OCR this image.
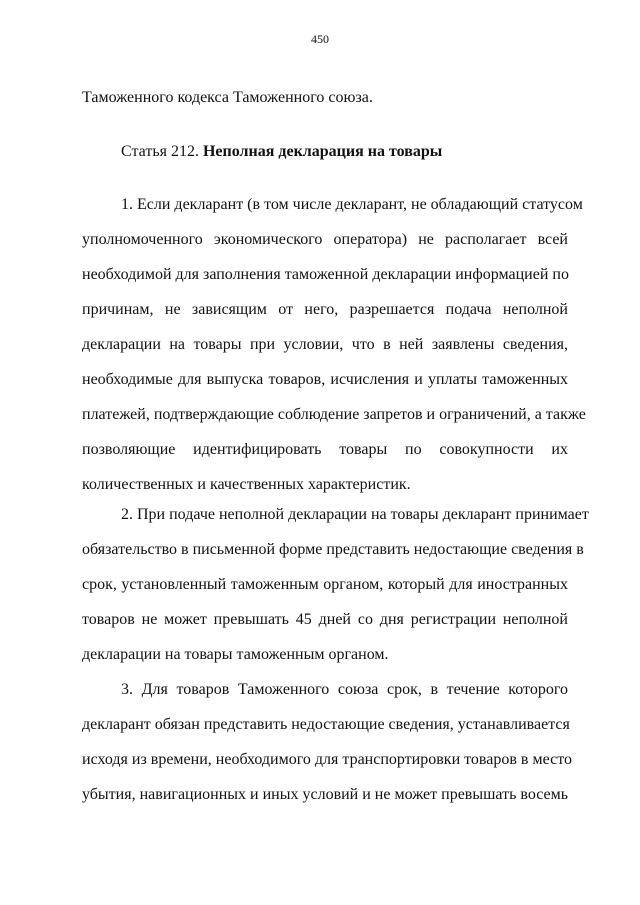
450
Таможенного кодекса Таможенного союза.
Статья 212. Неполная декларация на товары
1. Если декларант (в том числе декларант, не обладающий статусом
уполномоченного экономического оператора) не располагает всей
необходимой для заполнения таможенной декларации информацией по
причинам, не зависящим от него, разрешается подача неполной
декларации на товары при условии, что в ней заявлены сведения,
необходимые для выпуска товаров, исчисления и уплаты таможенных
платежей, подтверждающие соблюдение запретов и ограничений, а также
позволяющие идентифицировать товары по совокупности их
количественных и качественных характеристик.
2. При подаче неполной декларации на товары декларант принимает
обязательство в письменной форме представить недостающие сведения в
срок, установленный таможенным органом, который для иностранных
товаров не может превышать 45 дней со дня регистрации неполной
декларации на товары таможенным органом.
3. Для товаров Таможенного союза срок, в течение которого
декларант обязан представить недостающие сведения, устанавливается
исходя из времени, необходимого для транспортировки товаров в место
убытия, навигационных и иных условий и не может превышать восемь
